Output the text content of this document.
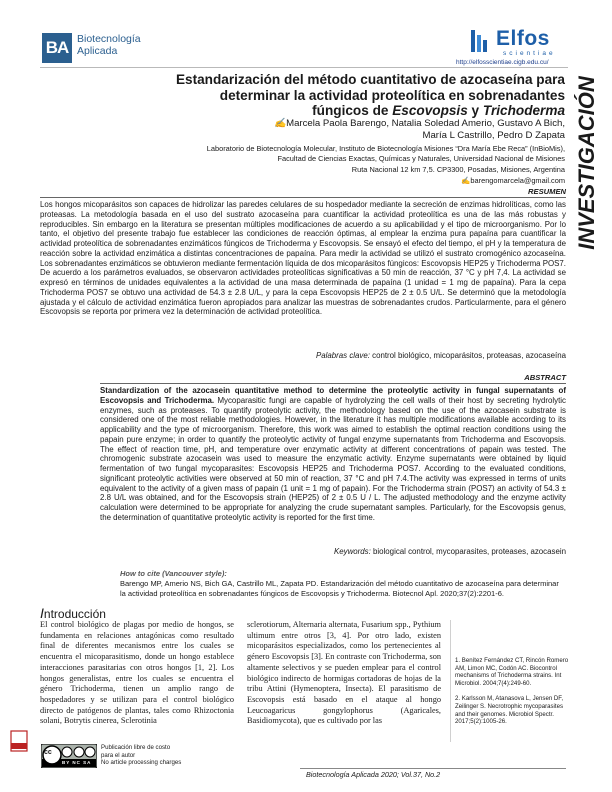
BA Biotecnología
Aplicada
Elfos
scientiae
http://elfosscientiae.cigb.edu.cu/
INVESTIGACIÓN
Estandarización del método cuantitativo de azocaseína para
determinar la actividad proteolítica en sobrenadantes
fúngicos de Escovopsis y Trichoderma
✍Marcela Paola Barengo, Natalia Soledad Amerio, Gustavo A Bich,
María L Castrillo, Pedro D Zapata
Laboratorio de Biotecnología Molecular, Instituto de Biotecnología Misiones “Dra María Ebe Reca” (InBioMis),
Facultad de Ciencias Exactas, Químicas y Naturales, Universidad Nacional de Misiones
Ruta Nacional 12 km 7,5. CP3300, Posadas, Misiones, Argentina
✍barengomarcela@gmail.com
RESUMEN
Los hongos micoparásitos son capaces de hidrolizar las paredes celulares de su hospedador mediante la secreción de enzimas hidrolíticas, como las proteasas. La metodología basada en el uso del sustrato azocaseína para cuantificar la actividad proteolítica es una de las más robustas y reproducibles. Sin embargo en la literatura se presentan múltiples modificaciones de acuerdo a su aplicabilidad y el tipo de microorganismo. Por lo tanto, el objetivo del presente trabajo fue establecer las condiciones de reacción óptimas, al emplear la enzima pura papaína para cuantificar la actividad proteolítica de sobrenadantes enzimáticos fúngicos de Trichoderma y Escovopsis. Se ensayó el efecto del tiempo, el pH y la temperatura de reacción sobre la actividad enzimática a distintas concentraciones de papaína. Para medir la actividad se utilizó el sustrato cromogénico azocaseína. Los sobrenadantes enzimáticos se obtuvieron mediante fermentación líquida de dos micoparásitos fúngicos: Escovopsis HEP25 y Trichoderma POS7. De acuerdo a los parámetros evaluados, se observaron actividades proteolíticas significativas a 50 min de reacción, 37 °C y pH 7,4. La actividad se expresó en términos de unidades equivalentes a la actividad de una masa determinada de papaína (1 unidad = 1 mg de papaína). Para la cepa Trichoderma POS7 se obtuvo una actividad de 54.3 ± 2.8 U/L, y para la cepa Escovopsis HEP25 de 2 ± 0.5 U/L. Se determinó que la metodología ajustada y el cálculo de actividad enzimática fueron apropiados para analizar las muestras de sobrenadantes crudos. Particularmente, para el género Escovopsis se reporta por primera vez la determinación de actividad proteolítica.
Palabras clave: control biológico, micoparásitos, proteasas, azocaseína
ABSTRACT
Standardization of the azocasein quantitative method to determine the proteolytic activity in fungal supernatants of Escovopsis and Trichoderma. Mycoparasitic fungi are capable of hydrolyzing the cell walls of their host by secreting hydrolytic enzymes, such as proteases. To quantify proteolytic activity, the methodology based on the use of the azocasein substrate is considered one of the most reliable methodologies. However, in the literature it has multiple modifications available according to its applicability and the type of microorganism. Therefore, this work was aimed to establish the optimal reaction conditions using the papain pure enzyme; in order to quantify the proteolytic activity of fungal enzyme supernatants from Trichoderma and Escovopsis. The effect of reaction time, pH, and temperature over enzymatic activity at different concentrations of papain was tested. The chromogenic substrate azocasein was used to measure the enzymatic activity. Enzyme supernatants were obtained by liquid fermentation of two fungal mycoparasites: Escovopsis HEP25 and Trichoderma POS7. According to the evaluated conditions, significant proteolytic activities were observed at 50 min of reaction, 37 °C and pH 7.4.The activity was expressed in terms of units equivalent to the activity of a given mass of papain (1 unit = 1 mg of papain). For the Trichoderma strain (POS7) an activity of 54.3 ± 2.8 U/L was obtained, and for the Escovopsis strain (HEP25) of 2 ± 0.5 U / L. The adjusted methodology and the enzyme activity calculation were determined to be appropriate for analyzing the crude supernatant samples. Particularly, for the Escovopsis genus, the determination of quantitative proteolytic activity is reported for the first time.
Keywords: biological control, mycoparasites, proteases, azocasein
How to cite (Vancouver style):
Barengo MP, Amerio NS, Bich GA, Castrillo ML, Zapata PD. Estandarización del método cuantitativo de azocaseína para determinar la actividad proteolítica en sobrenadantes fúngicos de Escovopsis y Trichoderma. Biotecnol Apl. 2020;37(2):2201-6.
Introducción
El control biológico de plagas por medio de hongos, se fundamenta en relaciones antagónicas como resultado final de diferentes mecanismos entre los cuales se encuentra el micoparasitismo, donde un hongo establece interacciones parasitarias con otros hongos [1, 2]. Los hongos generalistas, entre los cuales se encuentra el género Trichoderma, tienen un amplio rango de hospedadores y se utilizan para el control biológico directo de patógenos de plantas, tales como Rhizoctonia solani, Botrytis cinerea, Sclerotinia
sclerotiorum, Alternaria alternata, Fusarium spp., Pythium ultimum entre otros [3, 4]. Por otro lado, existen micoparásitos especializados, como los pertenecientes al género Escovopsis [3]. En contraste con Trichoderma, son altamente selectivos y se pueden emplear para el control biológico indirecto de hormigas cortadoras de hojas de la tribu Attini (Hymenoptera, Insecta). El parasitismo de Escovopsis está basado en el ataque al hongo Leucoagaricus gongylophorus (Agaricales, Basidiomycota), que es cultivado por las
1. Benítez Fernández CT, Rincón Romero AM, Limon MC, Codón AC. Biocontrol mechanisms of Trichoderma strains. Int Microbiol. 2004;7(4):249-60.
2. Karlsson M, Atanasova L, Jensen DF, Zeilinger S. Necrotrophic mycoparasites and their genomes. Microbiol Spectr. 2017;5(2):1005-26.
BY NC SA
cc
Publicación libre de costo
para el autor
No article processing charges
Biotecnología Aplicada 2020; Vol.37, No.2
